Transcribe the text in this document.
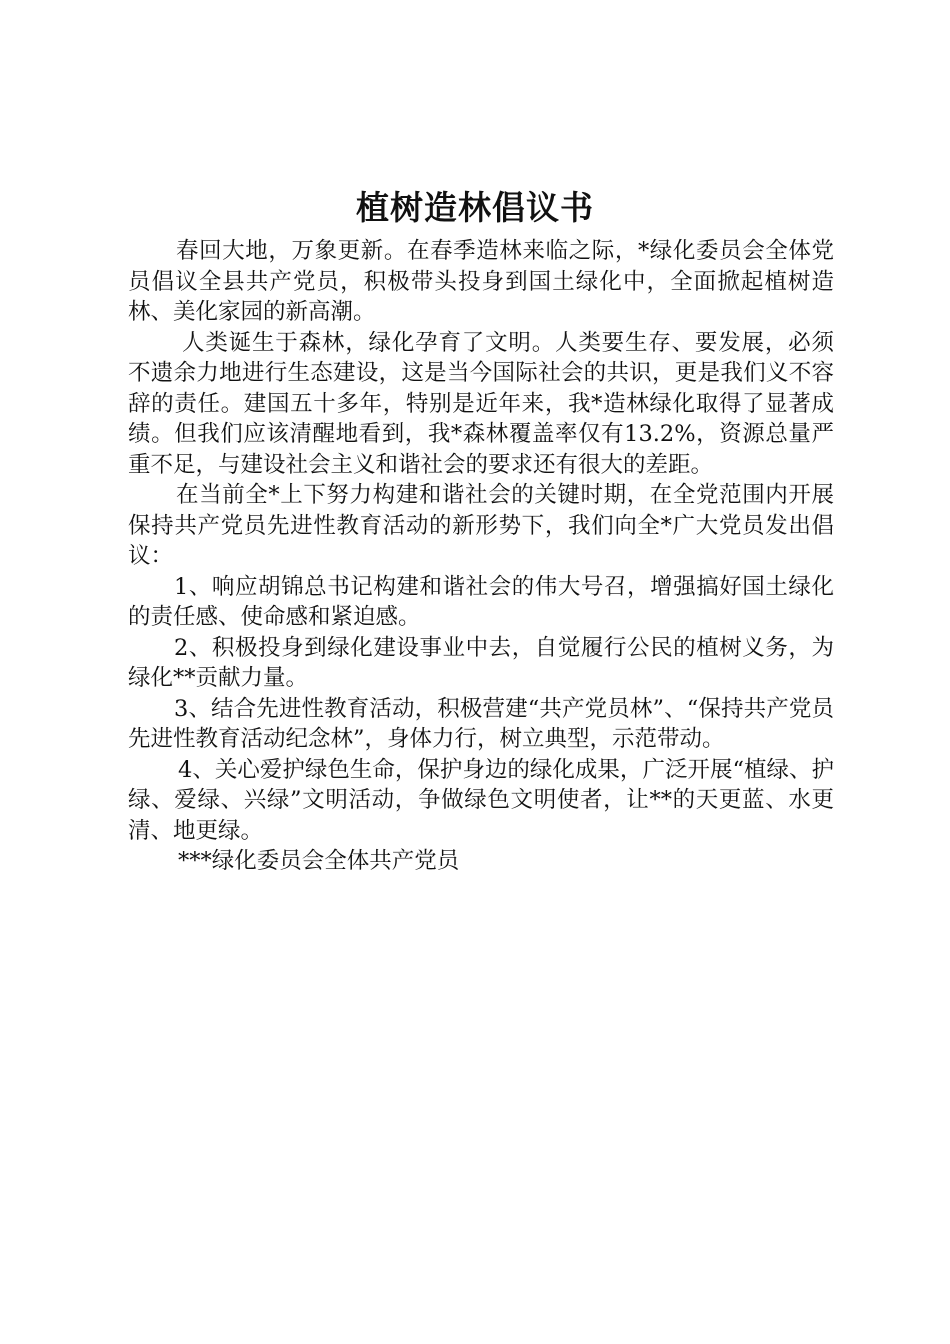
植树造林倡议书

春回大地，万象更新。在春季造林来临之际，*绿化委员会全体党员倡议全县共产党员，积极带头投身到国土绿化中，全面掀起植树造林、美化家园的新高潮。

人类诞生于森林，绿化孕育了文明。人类要生存、要发展，必须不遗余力地进行生态建设，这是当今国际社会的共识，更是我们义不容辞的责任。建国五十多年，特别是近年来，我*造林绿化取得了显著成绩。但我们应该清醒地看到，我*森林覆盖率仅有13.2%，资源总量严重不足，与建设社会主义和谐社会的要求还有很大的差距。

在当前全*上下努力构建和谐社会的关键时期，在全党范围内开展保持共产党员先进性教育活动的新形势下，我们向全*广大党员发出倡议：

1、响应胡锦总书记构建和谐社会的伟大号召，增强搞好国土绿化的责任感、使命感和紧迫感。

2、积极投身到绿化建设事业中去，自觉履行公民的植树义务，为绿化**贡献力量。

3、结合先进性教育活动，积极营建“共产党员林”、“保持共产党员先进性教育活动纪念林”，身体力行，树立典型，示范带动。

4、关心爱护绿色生命，保护身边的绿化成果，广泛开展“植绿、护绿、爱绿、兴绿”文明活动，争做绿色文明使者，让**的天更蓝、水更清、地更绿。

***绿化委员会全体共产党员
